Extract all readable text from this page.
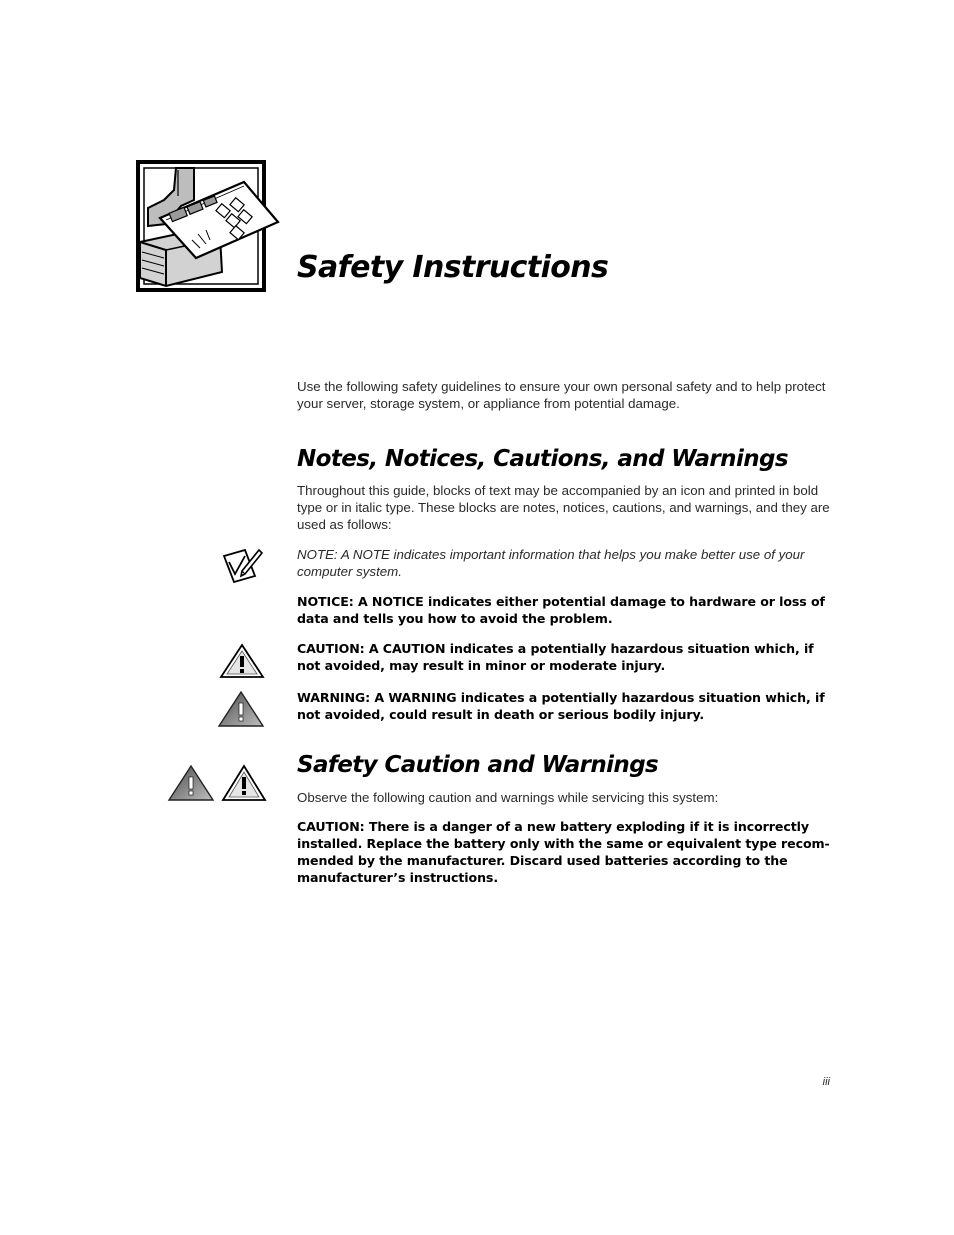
Safety Instructions

Use the following safety guidelines to ensure your own personal safety and to help protect your server, storage system, or appliance from potential damage.

Notes, Notices, Cautions, and Warnings

Throughout this guide, blocks of text may be accompanied by an icon and printed in bold type or in italic type. These blocks are notes, notices, cautions, and warnings, and they are used as follows:

NOTE: A NOTE indicates important information that helps you make better use of your computer system.

NOTICE: A NOTICE indicates either potential damage to hardware or loss of data and tells you how to avoid the problem.

CAUTION: A CAUTION indicates a potentially hazardous situation which, if not avoided, may result in minor or moderate injury.

WARNING: A WARNING indicates a potentially hazardous situation which, if not avoided, could result in death or serious bodily injury.

Safety Caution and Warnings

Observe the following caution and warnings while servicing this system:

CAUTION: There is a danger of a new battery exploding if it is incorrectly installed. Replace the battery only with the same or equivalent type recom-mended by the manufacturer. Discard used batteries according to the manufacturer’s instructions.

iii
